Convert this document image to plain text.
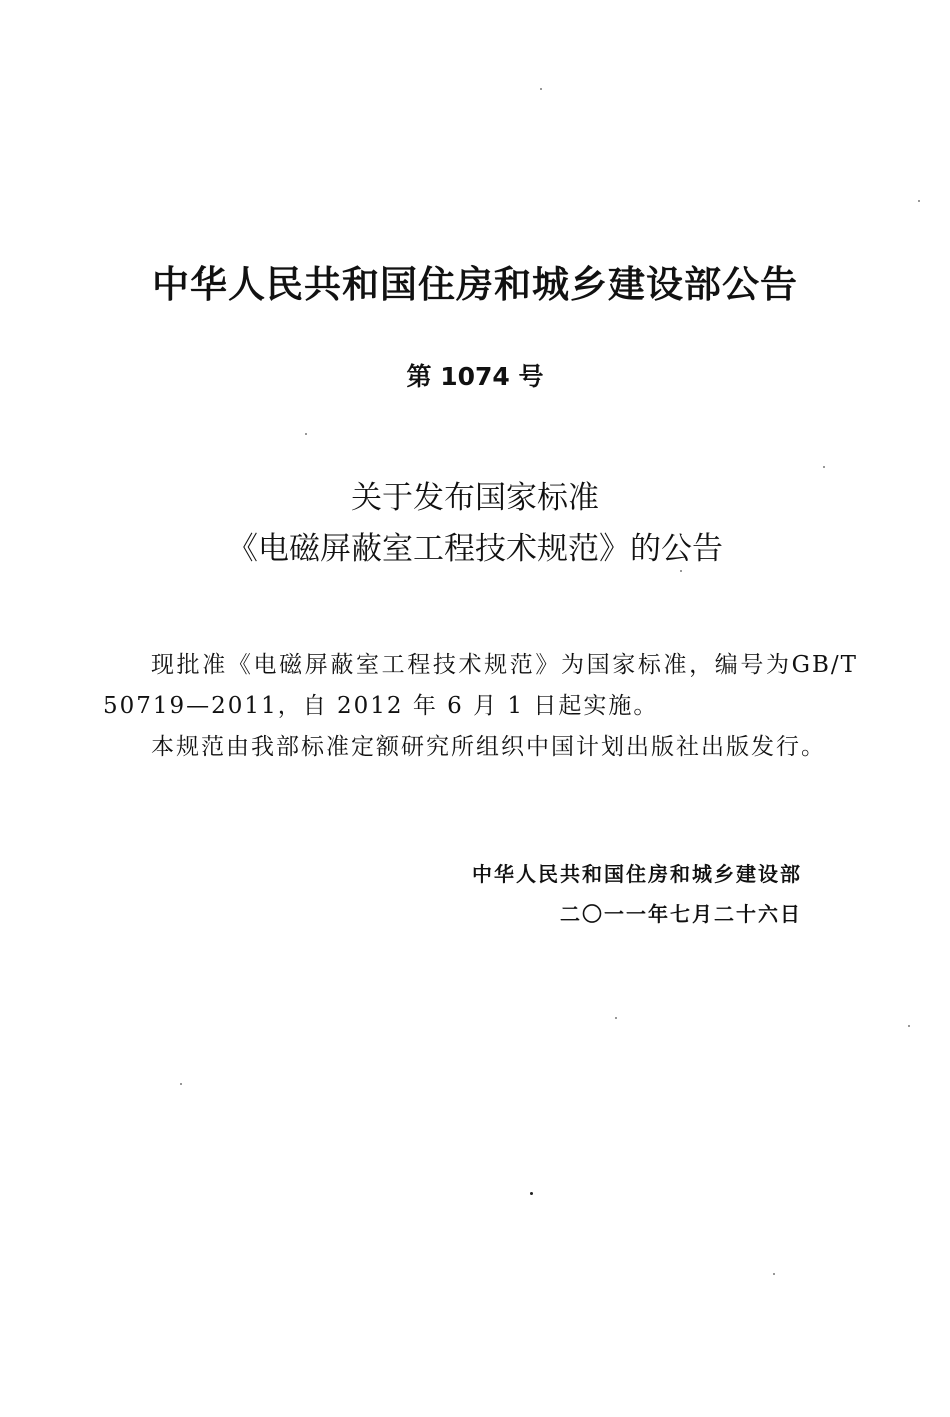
中华人民共和国住房和城乡建设部公告
第 1074 号
关于发布国家标准
《电磁屏蔽室工程技术规范》的公告
现批准《电磁屏蔽室工程技术规范》为国家标准，编号为GB/T 50719—2011，自 2012 年 6 月 1 日起实施。
本规范由我部标准定额研究所组织中国计划出版社出版发行。
中华人民共和国住房和城乡建设部
二〇一一年七月二十六日
